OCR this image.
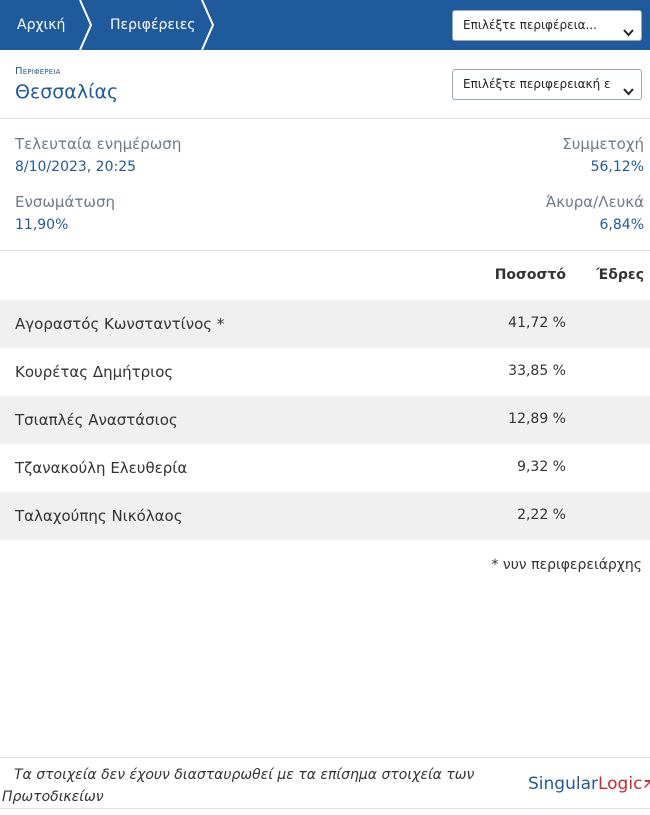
Αρχική	Περιφέρειες	Επιλέξτε περιφέρεια...
Περιφερεια
Θεσσαλίας	Επιλέξτε περιφερειακή ε
Τελευταία ενημέρωση
8/10/2023, 20:25
Συμμετοχή
56,12%
Ενσωμάτωση
11,90%
Άκυρα/Λευκά
6,84%
Ποσοστό Έδρες
Αγοραστός Κωνσταντίνος *	41,72 %
Κουρέτας Δημήτριος	33,85 %
Τσιαπλές Αναστάσιος	12,89 %
Τζανακούλη Ελευθερία	9,32 %
Ταλαχούπης Νικόλαος	2,22 %
* νυν περιφερειάρχης
Τα στοιχεία δεν έχουν διασταυρωθεί με τα επίσημα στοιχεία των Πρωτοδικείων
SingularLogic
